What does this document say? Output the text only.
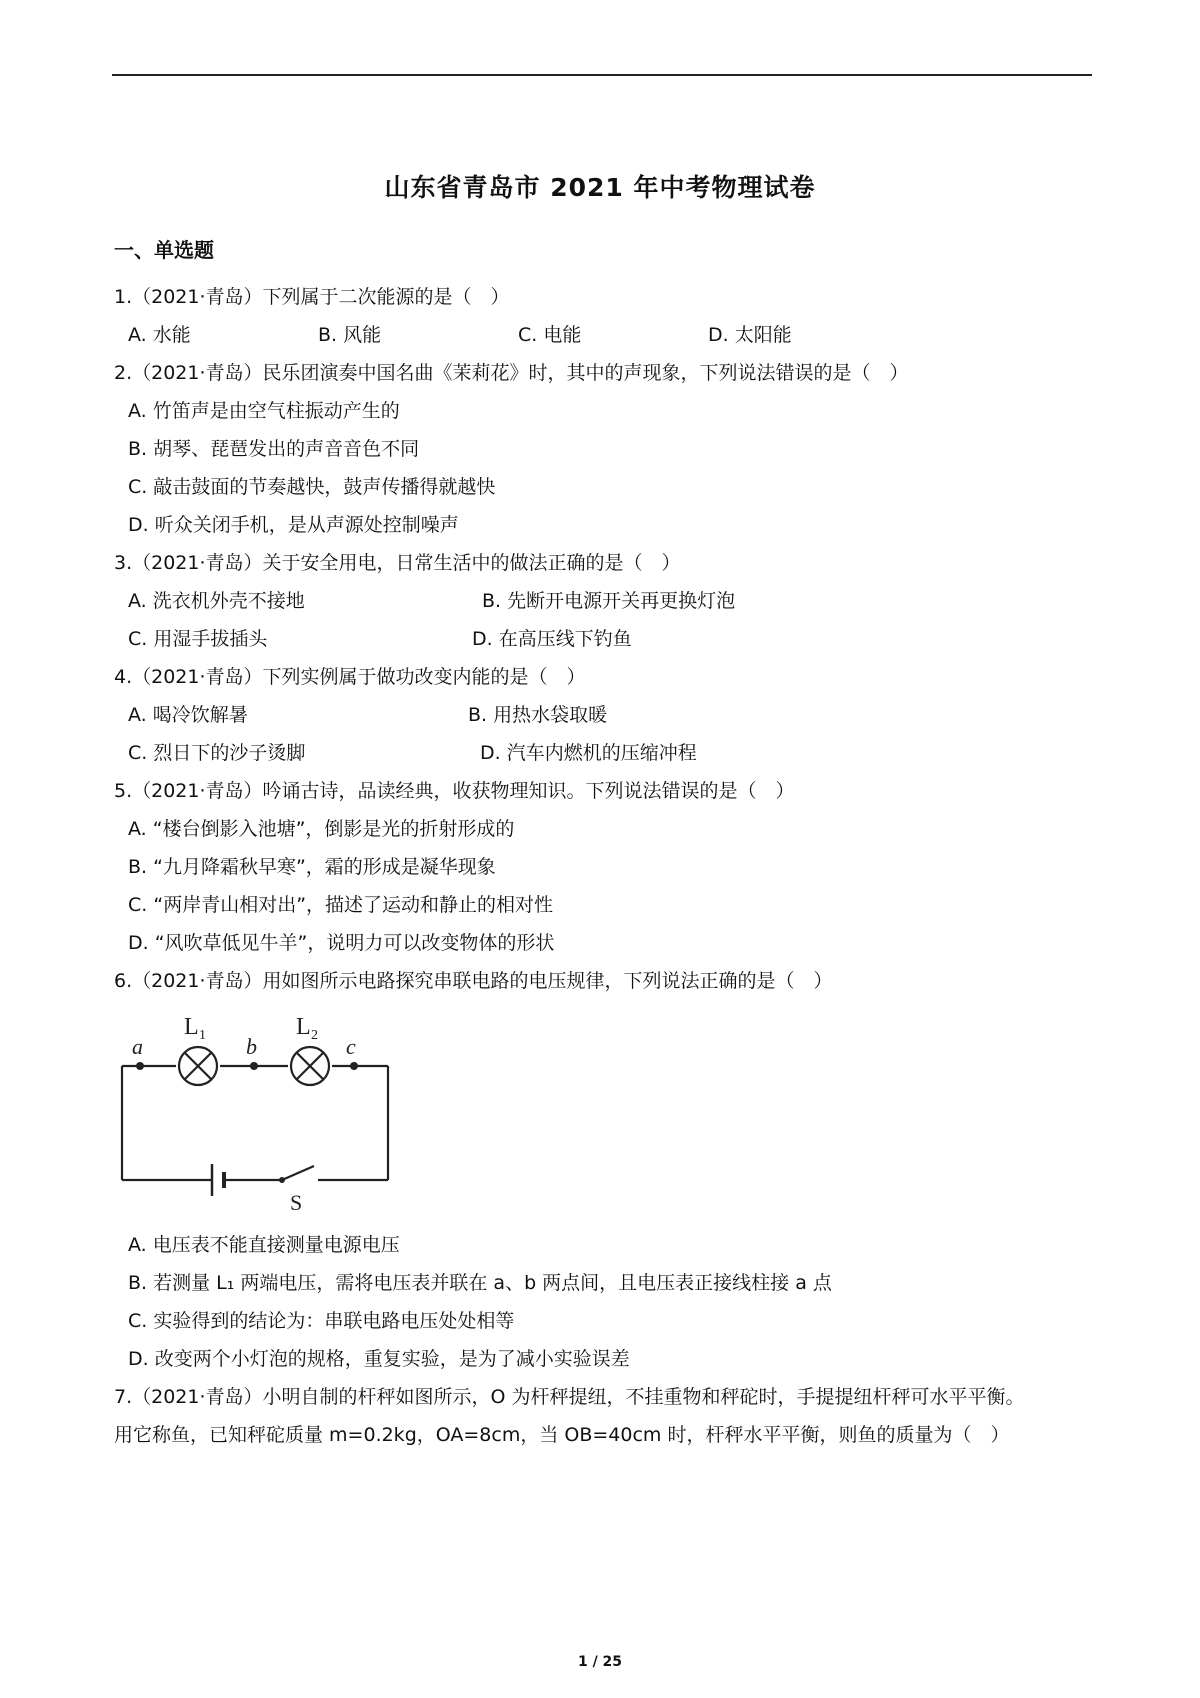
山东省青岛市 2021 年中考物理试卷
一、单选题
1.（2021·青岛）下列属于二次能源的是（　）
A. 水能	B. 风能	C. 电能	D. 太阳能
2.（2021·青岛）民乐团演奏中国名曲《茉莉花》时，其中的声现象，下列说法错误的是（　）
A. 竹笛声是由空气柱振动产生的
B. 胡琴、琵琶发出的声音音色不同
C. 敲击鼓面的节奏越快，鼓声传播得就越快
D. 听众关闭手机，是从声源处控制噪声
3.（2021·青岛）关于安全用电，日常生活中的做法正确的是（　）
A. 洗衣机外壳不接地	B. 先断开电源开关再更换灯泡
C. 用湿手拔插头	D. 在高压线下钓鱼
4.（2021·青岛）下列实例属于做功改变内能的是（　）
A. 喝冷饮解暑	B. 用热水袋取暖
C. 烈日下的沙子烫脚	D. 汽车内燃机的压缩冲程
5.（2021·青岛）吟诵古诗，品读经典，收获物理知识。下列说法错误的是（　）
A. “楼台倒影入池塘”，倒影是光的折射形成的
B. “九月降霜秋早寒”，霜的形成是凝华现象
C. “两岸青山相对出”，描述了运动和静止的相对性
D. “风吹草低见牛羊”，说明力可以改变物体的形状
6.（2021·青岛）用如图所示电路探究串联电路的电压规律，下列说法正确的是（　）
a	b	c
L 1	L 2
S
A. 电压表不能直接测量电源电压
B. 若测量 L₁ 两端电压，需将电压表并联在 a、b 两点间，且电压表正接线柱接 a 点
C. 实验得到的结论为：串联电路电压处处相等
D. 改变两个小灯泡的规格，重复实验，是为了减小实验误差
7.（2021·青岛）小明自制的杆秤如图所示，O 为杆秤提纽，不挂重物和秤砣时，手提提纽杆秤可水平平衡。
用它称鱼，已知秤砣质量 m=0.2kg，OA=8cm，当 OB=40cm 时，杆秤水平平衡，则鱼的质量为（　）
1 / 25
